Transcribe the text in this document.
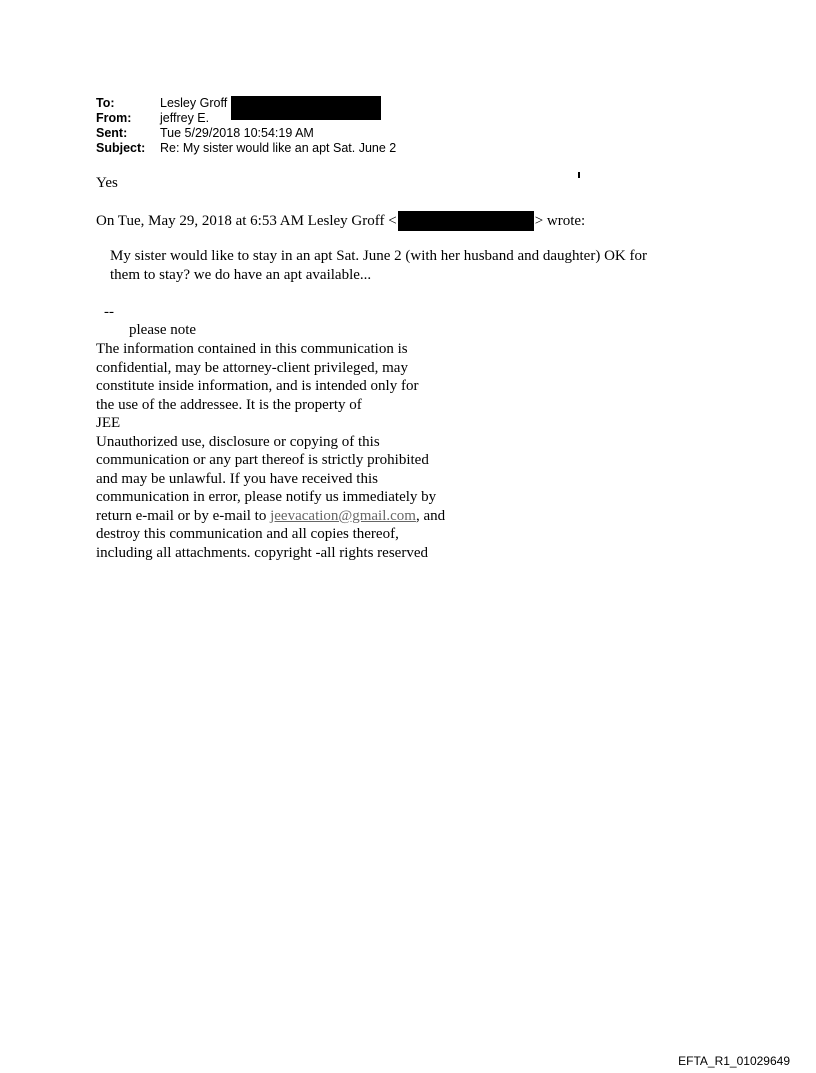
To:	Lesley Groff
From:	jeffrey E.
Sent:	Tue 5/29/2018 10:54:19 AM
Subject:	Re: My sister would like an apt Sat. June 2
Yes
On Tue, May 29, 2018 at 6:53 AM Lesley Groff <	> wrote:
My sister would like to stay in an apt Sat. June 2 (with her husband and daughter) OK for
them to stay? we do have an apt available...
--
please note
The information contained in this communication is
confidential, may be attorney-client privileged, may
constitute inside information, and is intended only for
the use of the addressee. It is the property of
JEE
Unauthorized use, disclosure or copying of this
communication or any part thereof is strictly prohibited
and may be unlawful. If you have received this
communication in error, please notify us immediately by
return e-mail or by e-mail to jeevacation@gmail.com, and
destroy this communication and all copies thereof,
including all attachments. copyright -all rights reserved
EFTA_R1_01029649
